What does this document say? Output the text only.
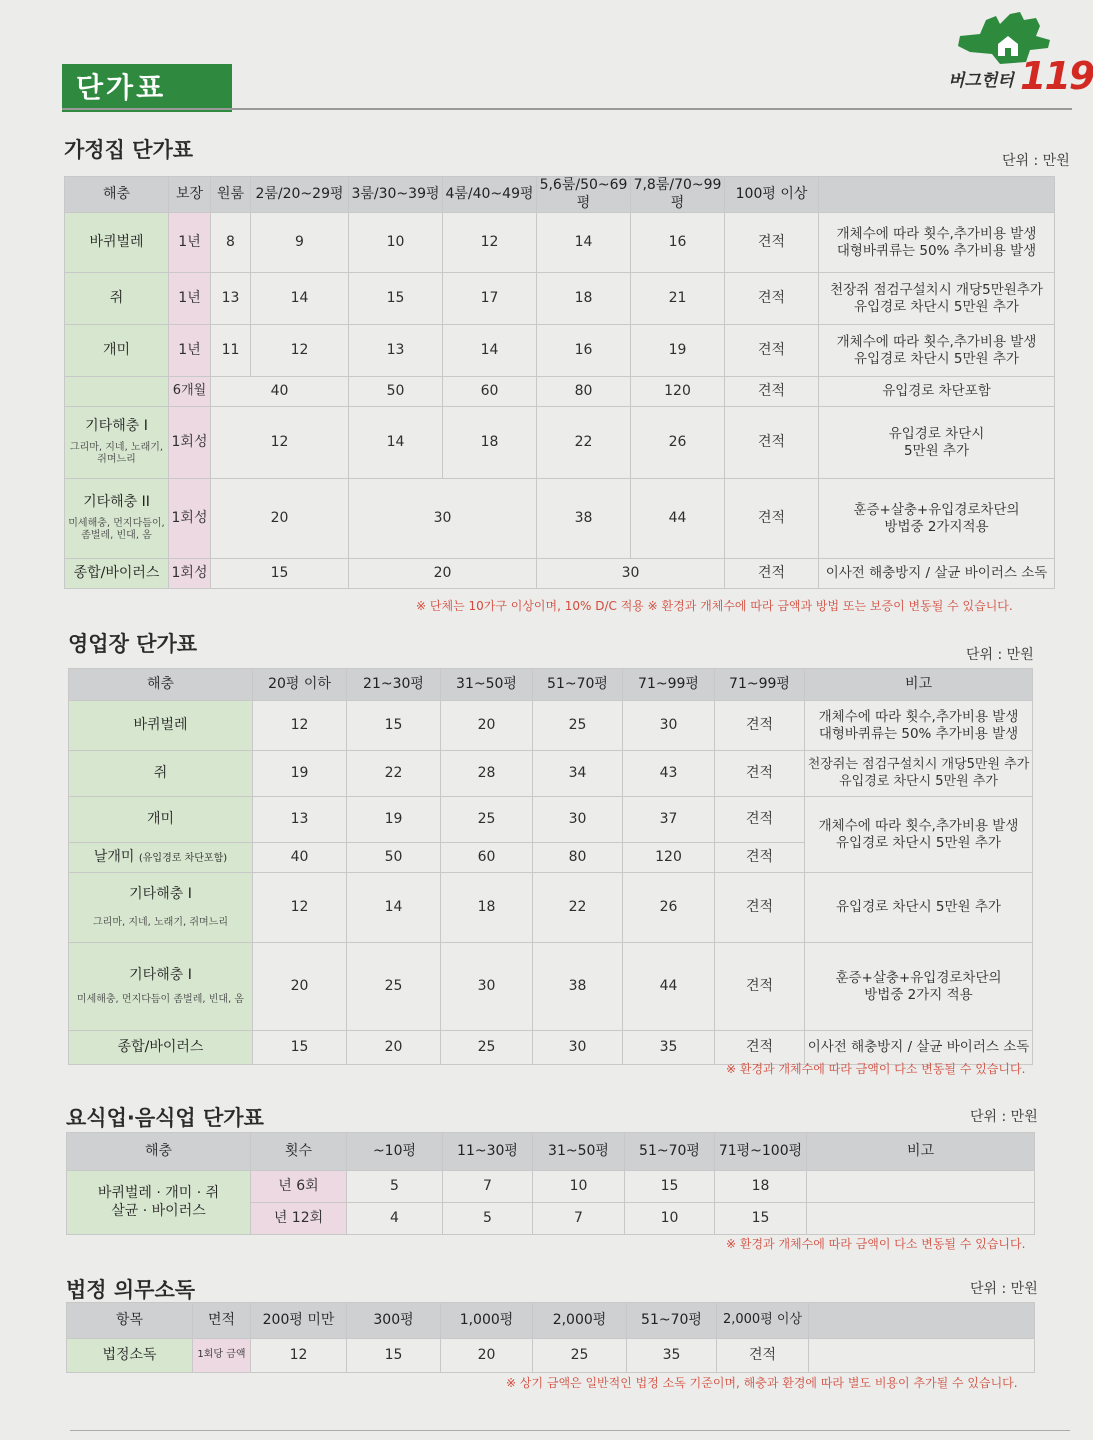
단가표	버그헌터 119
가정집 단가표	단위 : 만원
해충	보장	원룸	2룸/20~29평	3룸/30~39평	4룸/40~49평	5,6룸/50~69평	7,8룸/70~99평	100평 이상	
바퀴벌레	1년	8	9	10	12	14	16	견적	개체수에 따라 횟수,추가비용 발생
대형바퀴류는 50% 추가비용 발생
쥐	1년	13	14	15	17	18	21	견적	천장쥐 점검구설치시 개당5만원추가
유입경로 차단시 5만원 추가
개미	1년	11	12	13	14	16	19	견적	개체수에 따라 횟수,추가비용 발생
유입경로 차단시 5만원 추가
	6개월	40		50	60	80	120	견적	유입경로 차단포함
기타해충 I
그리마, 지네, 노래기, 쥐며느리	1회성	12		14	18	22	26	견적	유입경로 차단시
5만원 추가
기타해충 II
미세해충, 먼지다듬이, 좀벌레, 빈대, 옴	1회성	20		30		38	44	견적	훈증+살충+유입경로차단의
방법중 2가지적용
종합/바이러스	1회성	15		20		30		견적	이사전 해충방지 / 살균 바이러스 소독
※ 단체는 10가구 이상이며, 10% D/C 적용 ※ 환경과 개체수에 따라 금액과 방법 또는 보증이 변동될 수 있습니다.
영업장 단가표	단위 : 만원
해충	20평 이하	21~30평	31~50평	51~70평	71~99평	71~99평	비고
바퀴벌레	12	15	20	25	30	견적	개체수에 따라 횟수,추가비용 발생
대형바퀴류는 50% 추가비용 발생
쥐	19	22	28	34	43	견적	천장쥐는 점검구설치시 개당5만원 추가
유입경로 차단시 5만원 추가
개미	13	19	25	30	37	견적	개체수에 따라 횟수,추가비용 발생
유입경로 차단시 5만원 추가
날개미 (유입경로 차단포함)	40	50	60	80	120	견적	
기타해충 I
그리마, 지네, 노래기, 쥐며느리	12	14	18	22	26	견적	유입경로 차단시 5만원 추가
기타해충 I
미세해충, 먼지다듬이 좀벌레, 빈대, 옴	20	25	30	38	44	견적	훈증+살충+유입경로차단의
방법중 2가지 적용
종합/바이러스	15	20	25	30	35	견적	이사전 해충방지 / 살균 바이러스 소독
※ 환경과 개체수에 따라 금액이 다소 변동될 수 있습니다.
요식업·음식업 단가표	단위 : 만원
해충	횟수	~10평	11~30평	31~50평	51~70평	71평~100평	비고
바퀴벌레 · 개미 · 쥐
살균 · 바이러스	년 6회	5	7	10	15	18	
	년 12회	4	5	7	10	15	
※ 환경과 개체수에 따라 금액이 다소 변동될 수 있습니다.
법정 의무소독	단위 : 만원
항목	면적	200평 미만	300평	1,000평	2,000평	51~70평	2,000평 이상	
법정소독	1회당 금액	12	15	20	25	35	견적	
※ 상기 금액은 일반적인 법정 소독 기준이며, 해충과 환경에 따라 별도 비용이 추가될 수 있습니다.
